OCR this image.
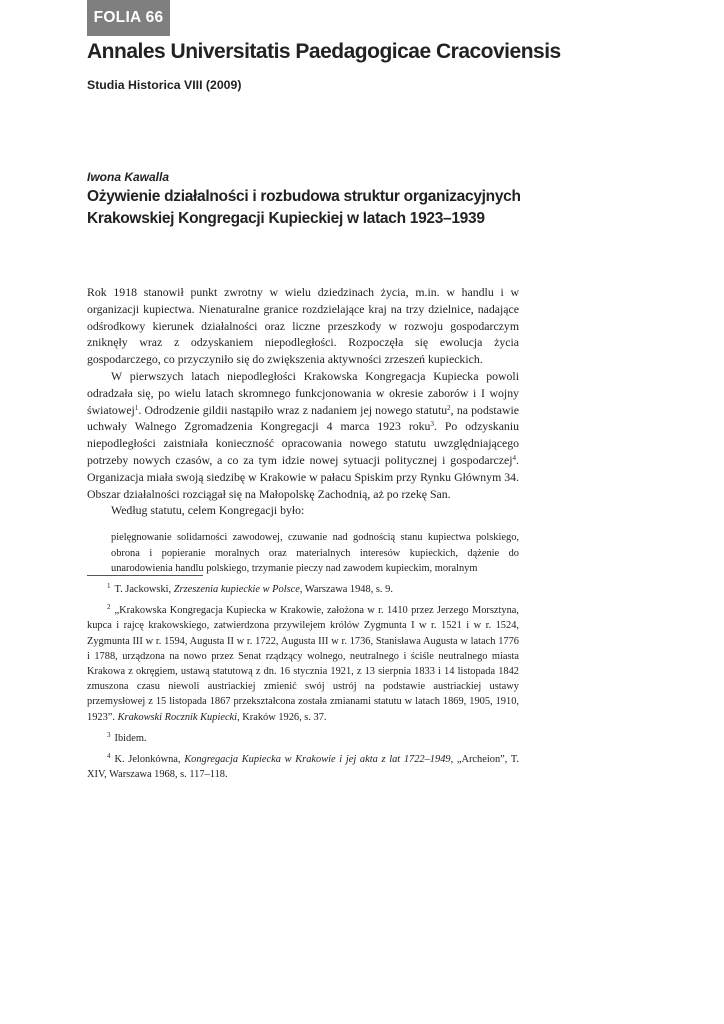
FOLIA 66
Annales Universitatis Paedagogicae Cracoviensis
Studia Historica VIII (2009)
Iwona Kawalla
Ożywienie działalności i rozbudowa struktur organizacyjnych
Krakowskiej Kongregacji Kupieckiej w latach 1923–1939

Rok 1918 stanowił punkt zwrotny w wielu dziedzinach życia, m.in. w handlu i w organizacji kupiectwa. Nienaturalne granice rozdzielające kraj na trzy dzielnice, nadające odśrodkowy kierunek działalności oraz liczne przeszkody w rozwoju gospodarczym zniknęły wraz z odzyskaniem niepodległości. Rozpoczęła się ewolucja życia gospodarczego, co przyczyniło się do zwiększenia aktywności zrzeszeń kupieckich.

W pierwszych latach niepodległości Krakowska Kongregacja Kupiecka powoli odradzała się, po wielu latach skromnego funkcjonowania w okresie zaborów i I wojny światowej$^1$. Odrodzenie gildii nastąpiło wraz z nadaniem jej nowego statutu$^2$, na podstawie uchwały Walnego Zgromadzenia Kongregacji 4 marca 1923 roku$^3$. Po odzyskaniu niepodległości zaistniała konieczność opracowania nowego statutu uwzględniającego potrzeby nowych czasów, a co za tym idzie nowej sytuacji politycznej i gospodarczej$^4$. Organizacja miała swoją siedzibę w Krakowie w pałacu Spiskim przy Rynku Głównym 34. Obszar działalności rozciągał się na Małopolskę Zachodnią, aż po rzekę San.

Według statutu, celem Kongregacji było:

pielęgnowanie solidarności zawodowej, czuwanie nad godnością stanu kupiectwa polskiego, obrona i popieranie moralnych oraz materialnych interesów kupieckich, dążenie do unarodowienia handlu polskiego, trzymanie pieczy nad zawodem kupieckim, moralnym

$^1$ T. Jackowski, Zrzeszenia kupieckie w Polsce, Warszawa 1948, s. 9.

$^2$ „Krakowska Kongregacja Kupiecka w Krakowie, założona w r. 1410 przez Jerzego Morsztyna, kupca i rajcę krakowskiego, zatwierdzona przywilejem królów Zygmunta I w r. 1521 i w r. 1524, Zygmunta III w r. 1594, Augusta II w r. 1722, Augusta III w r. 1736, Stanisława Augusta w latach 1776 i 1788, urządzona na nowo przez Senat rządzący wolnego, neutralnego i ściśle neutralnego miasta Krakowa z okręgiem, ustawą statutową z dn. 16 stycznia 1921, z 13 sierpnia 1833 i 14 listopada 1842 zmuszona czasu niewoli austriackiej zmienić swój ustrój na podstawie austriackiej ustawy przemysłowej z 15 listopada 1867 przekształcona została zmianami statutu w latach 1869, 1905, 1910, 1923”. Krakowski Rocznik Kupiecki, Kraków 1926, s. 37.

$^3$ Ibidem.

$^4$ K. Jelonkówna, Kongregacja Kupiecka w Krakowie i jej akta z lat 1722–1949, „Archeion”, T. XIV, Warszawa 1968, s. 117–118.
